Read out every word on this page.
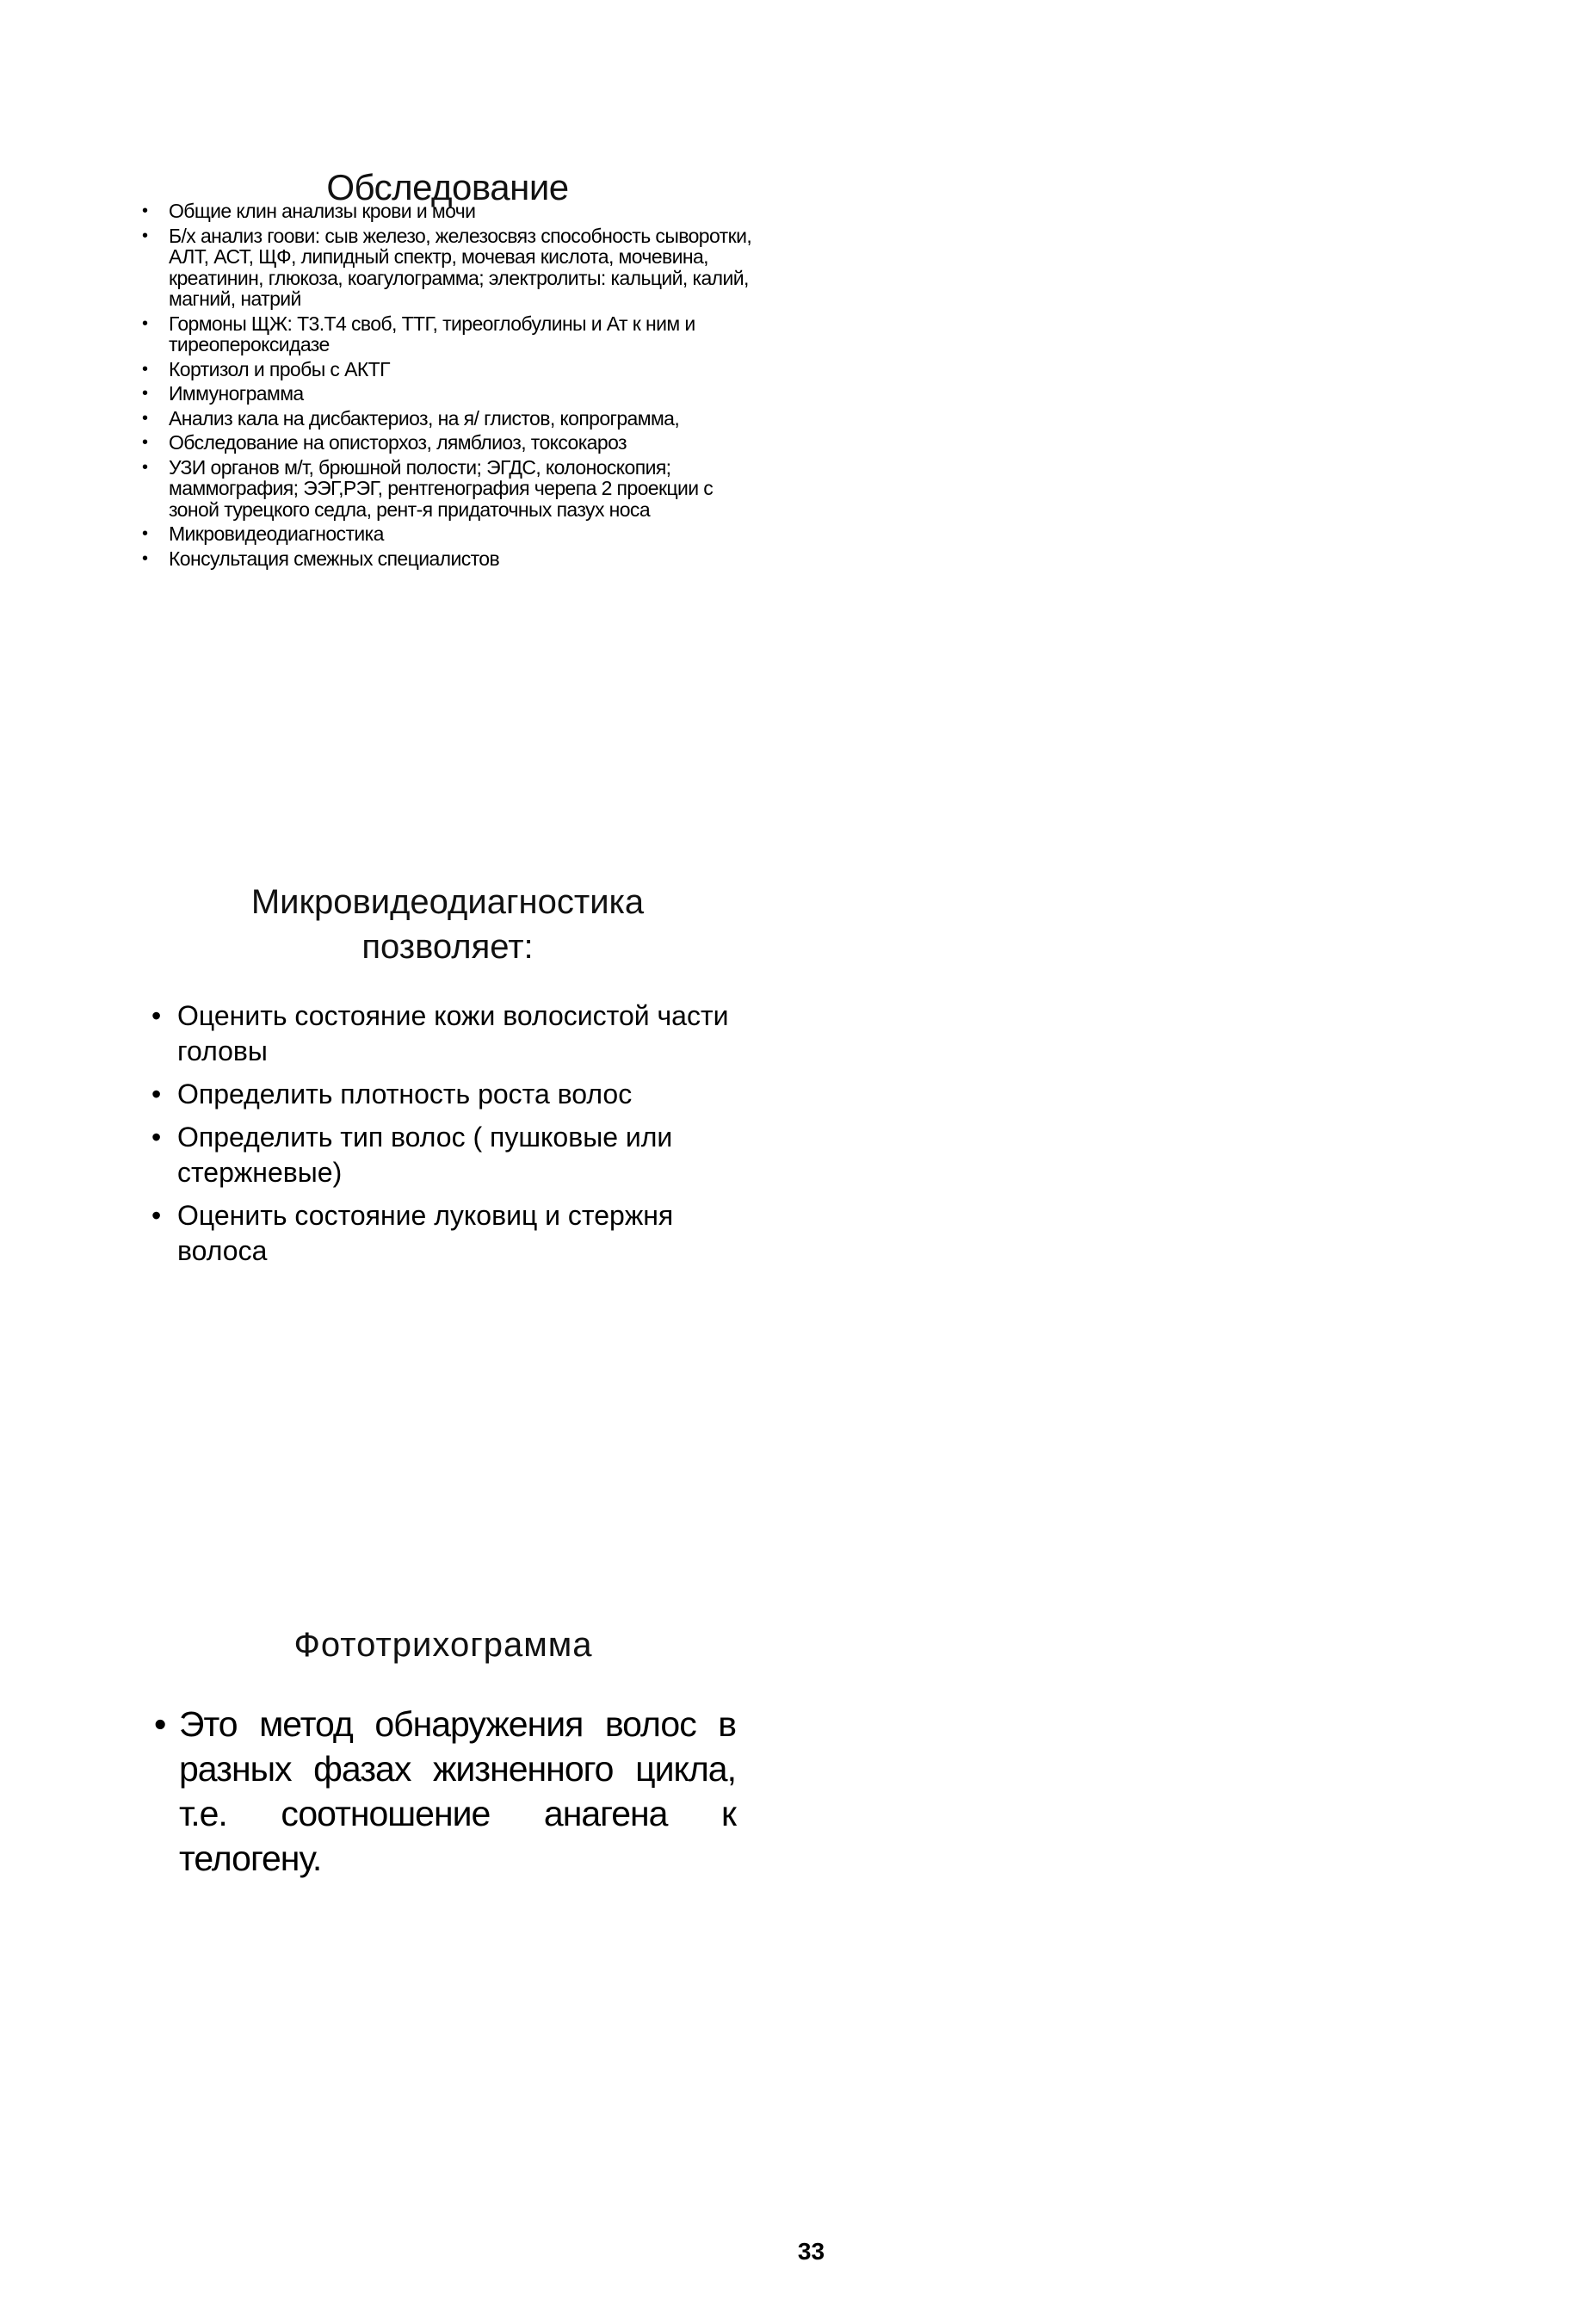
Обследование
• Общие клин анализы крови и мочи
• Б/х анализ гоови: сыв железо, железосвяз способность сыворотки, АЛТ, АСТ, ЩФ, липидный спектр, мочевая кислота, мочевина, креатинин, глюкоза, коагулограмма; электролиты: кальций, калий, магний, натрий
• Гормоны ЩЖ: Т3.Т4 своб, ТТГ, тиреоглобулины и Ат к ним и тиреопероксидазе
• Кортизол и пробы с АКТГ
• Иммунограмма
• Анализ кала на дисбактериоз, на я/ глистов, копрограмма,
• Обследование на описторхоз, лямблиоз, токсокароз
• УЗИ органов м/т, брюшной полости; ЭГДС, колоноскопия; маммография; ЭЭГ,РЭГ, рентгенография черепа 2 проекции с зоной турецкого седла, рент-я придаточных пазух носа
• Микровидеодиагностика
• Консультация смежных специалистов
Микровидеодиагностика
позволяет:
• Оценить состояние кожи волосистой части головы
• Определить плотность роста волос
• Определить тип волос ( пушковые или стержневые)
• Оценить состояние луковиц и стержня волоса
Фототрихограмма
• Это метод обнаружения волос в разных фазах жизненного цикла, т.е. соотношение анагена к телогену.
33
